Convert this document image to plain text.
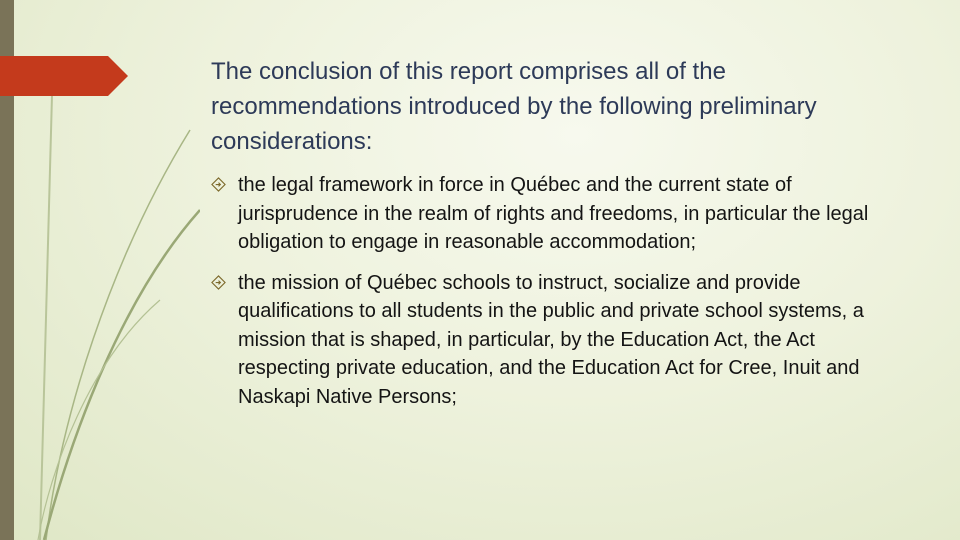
The conclusion of this report comprises all of the recommendations introduced by the following preliminary considerations:

the legal framework in force in Québec and the current state of jurisprudence in the realm of rights and freedoms, in particular the legal obligation to engage in reasonable accommodation;
the mission of Québec schools to instruct, socialize and provide qualifications to all students in the public and private school systems, a mission that is shaped, in particular, by the Education Act, the Act respecting private education, and the Education Act for Cree, Inuit and Naskapi Native Persons;
